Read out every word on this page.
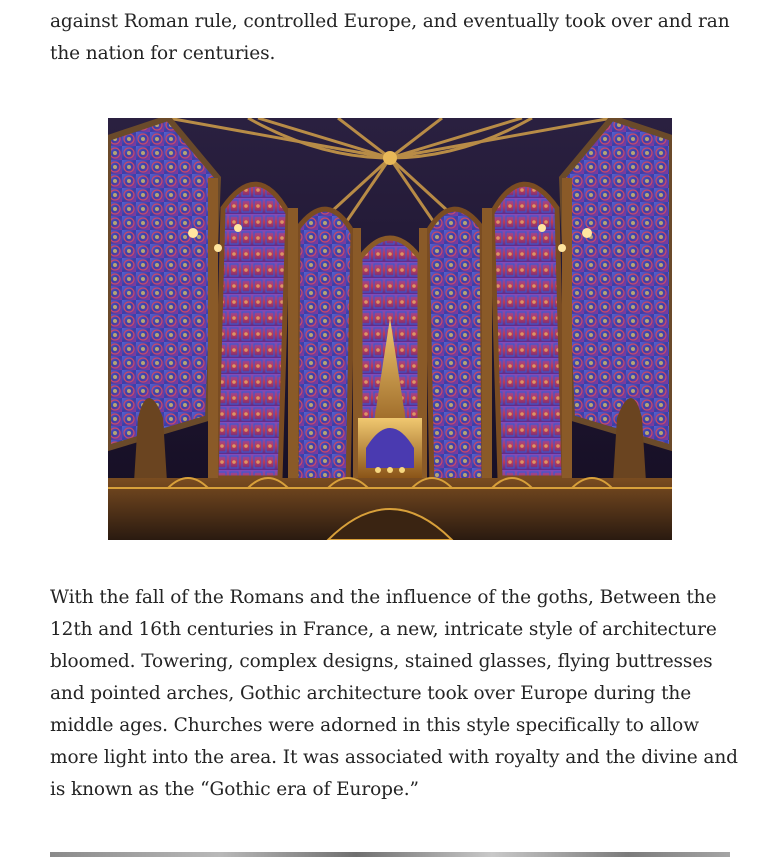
against Roman rule, controlled Europe, and eventually took over and ran the nation for centuries.

With the fall of the Romans and the influence of the goths, Between the 12th and 16th centuries in France, a new, intricate style of architecture bloomed. Towering, complex designs, stained glasses, flying buttresses and pointed arches, Gothic architecture took over Europe during the middle ages. Churches were adorned in this style specifically to allow more light into the area. It was associated with royalty and the divine and is known as the “Gothic era of Europe.”
